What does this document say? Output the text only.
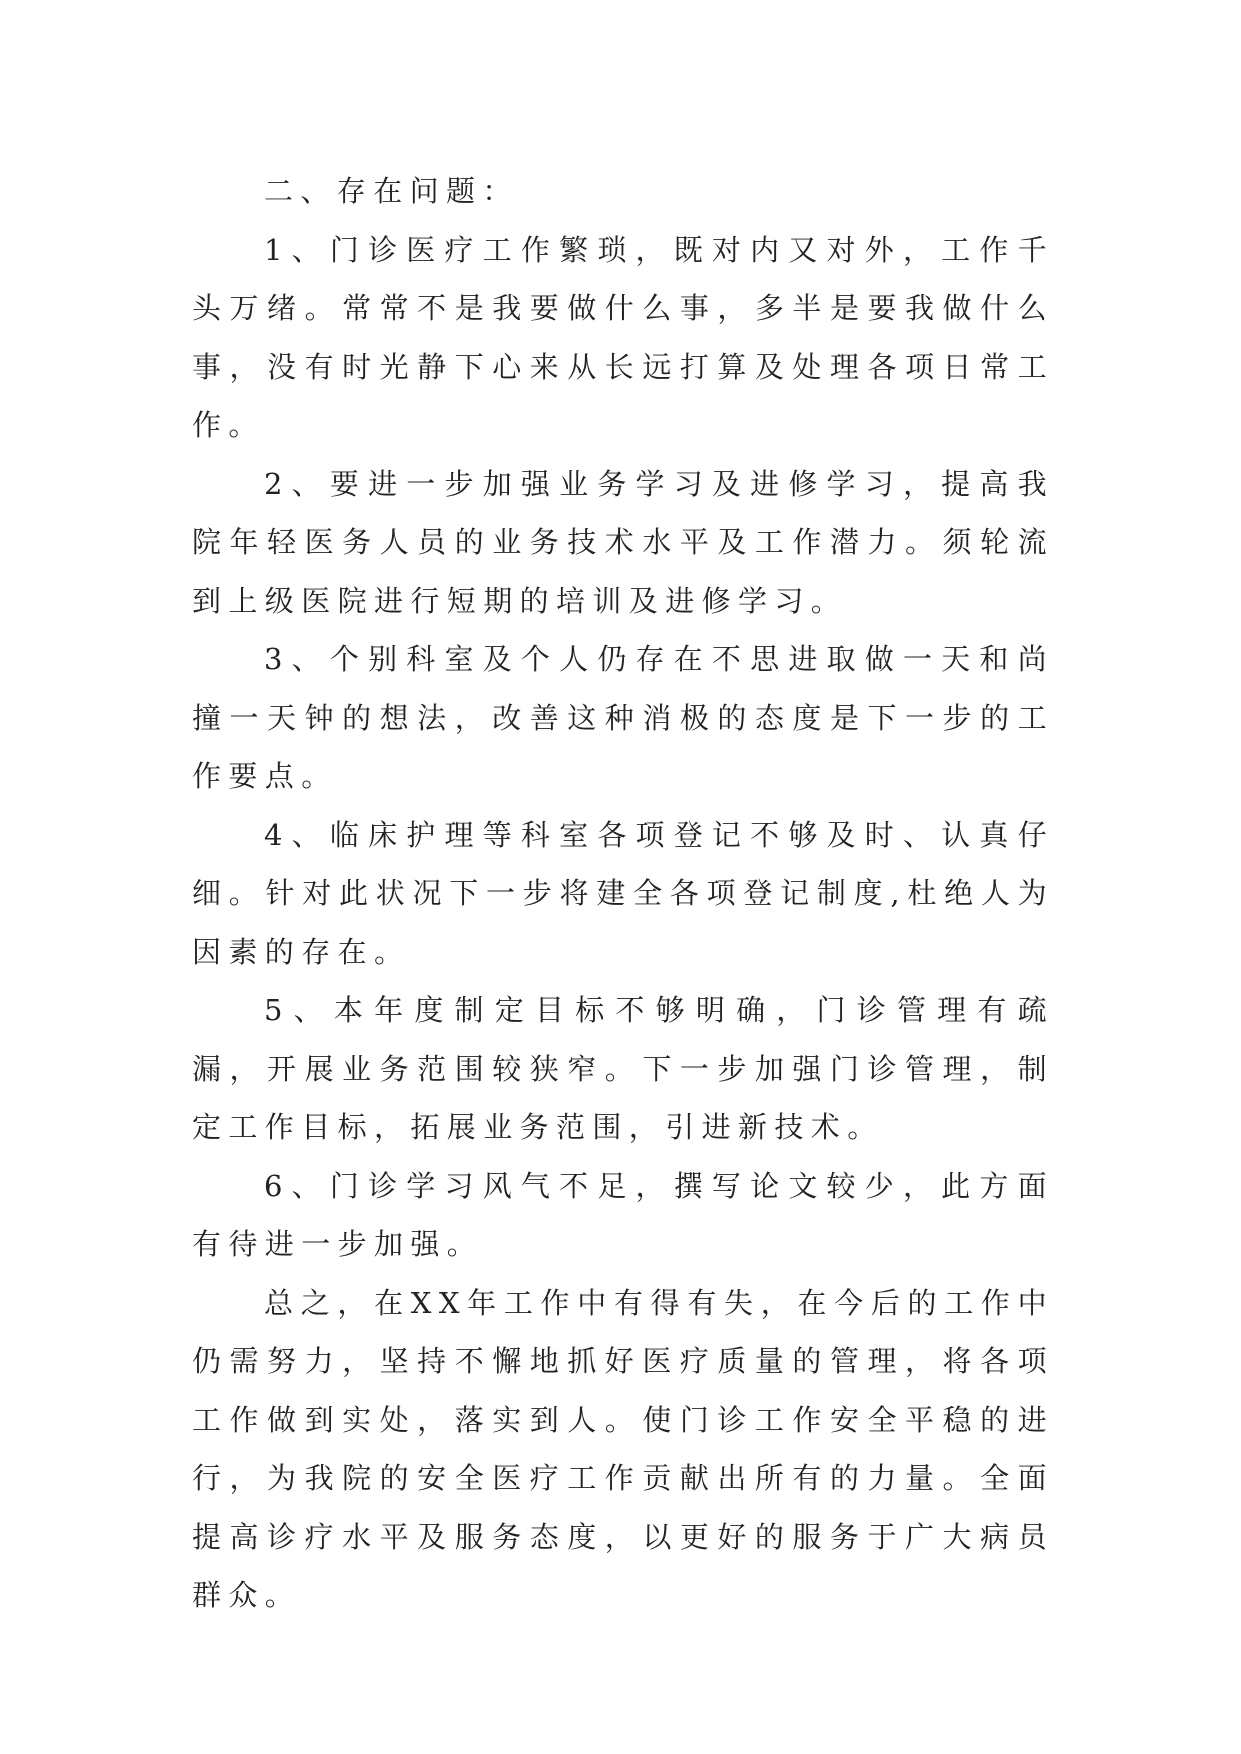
二、存在问题：

1、门诊医疗工作繁琐，既对内又对外，工作千头万绪。常常不是我要做什么事，多半是要我做什么事，没有时光静下心来从长远打算及处理各项日常工作。

2、要进一步加强业务学习及进修学习，提高我院年轻医务人员的业务技术水平及工作潜力。须轮流到上级医院进行短期的培训及进修学习。

3、个别科室及个人仍存在不思进取做一天和尚撞一天钟的想法，改善这种消极的态度是下一步的工作要点。

4、临床护理等科室各项登记不够及时、认真仔细。针对此状况下一步将建全各项登记制度,杜绝人为因素的存在。

5、本年度制定目标不够明确，门诊管理有疏漏，开展业务范围较狭窄。下一步加强门诊管理，制定工作目标，拓展业务范围，引进新技术。

6、门诊学习风气不足，撰写论文较少，此方面有待进一步加强。

总之，在XX年工作中有得有失，在今后的工作中仍需努力，坚持不懈地抓好医疗质量的管理，将各项工作做到实处，落实到人。使门诊工作安全平稳的进行，为我院的安全医疗工作贡献出所有的力量。全面提高诊疗水平及服务态度，以更好的服务于广大病员群众。
